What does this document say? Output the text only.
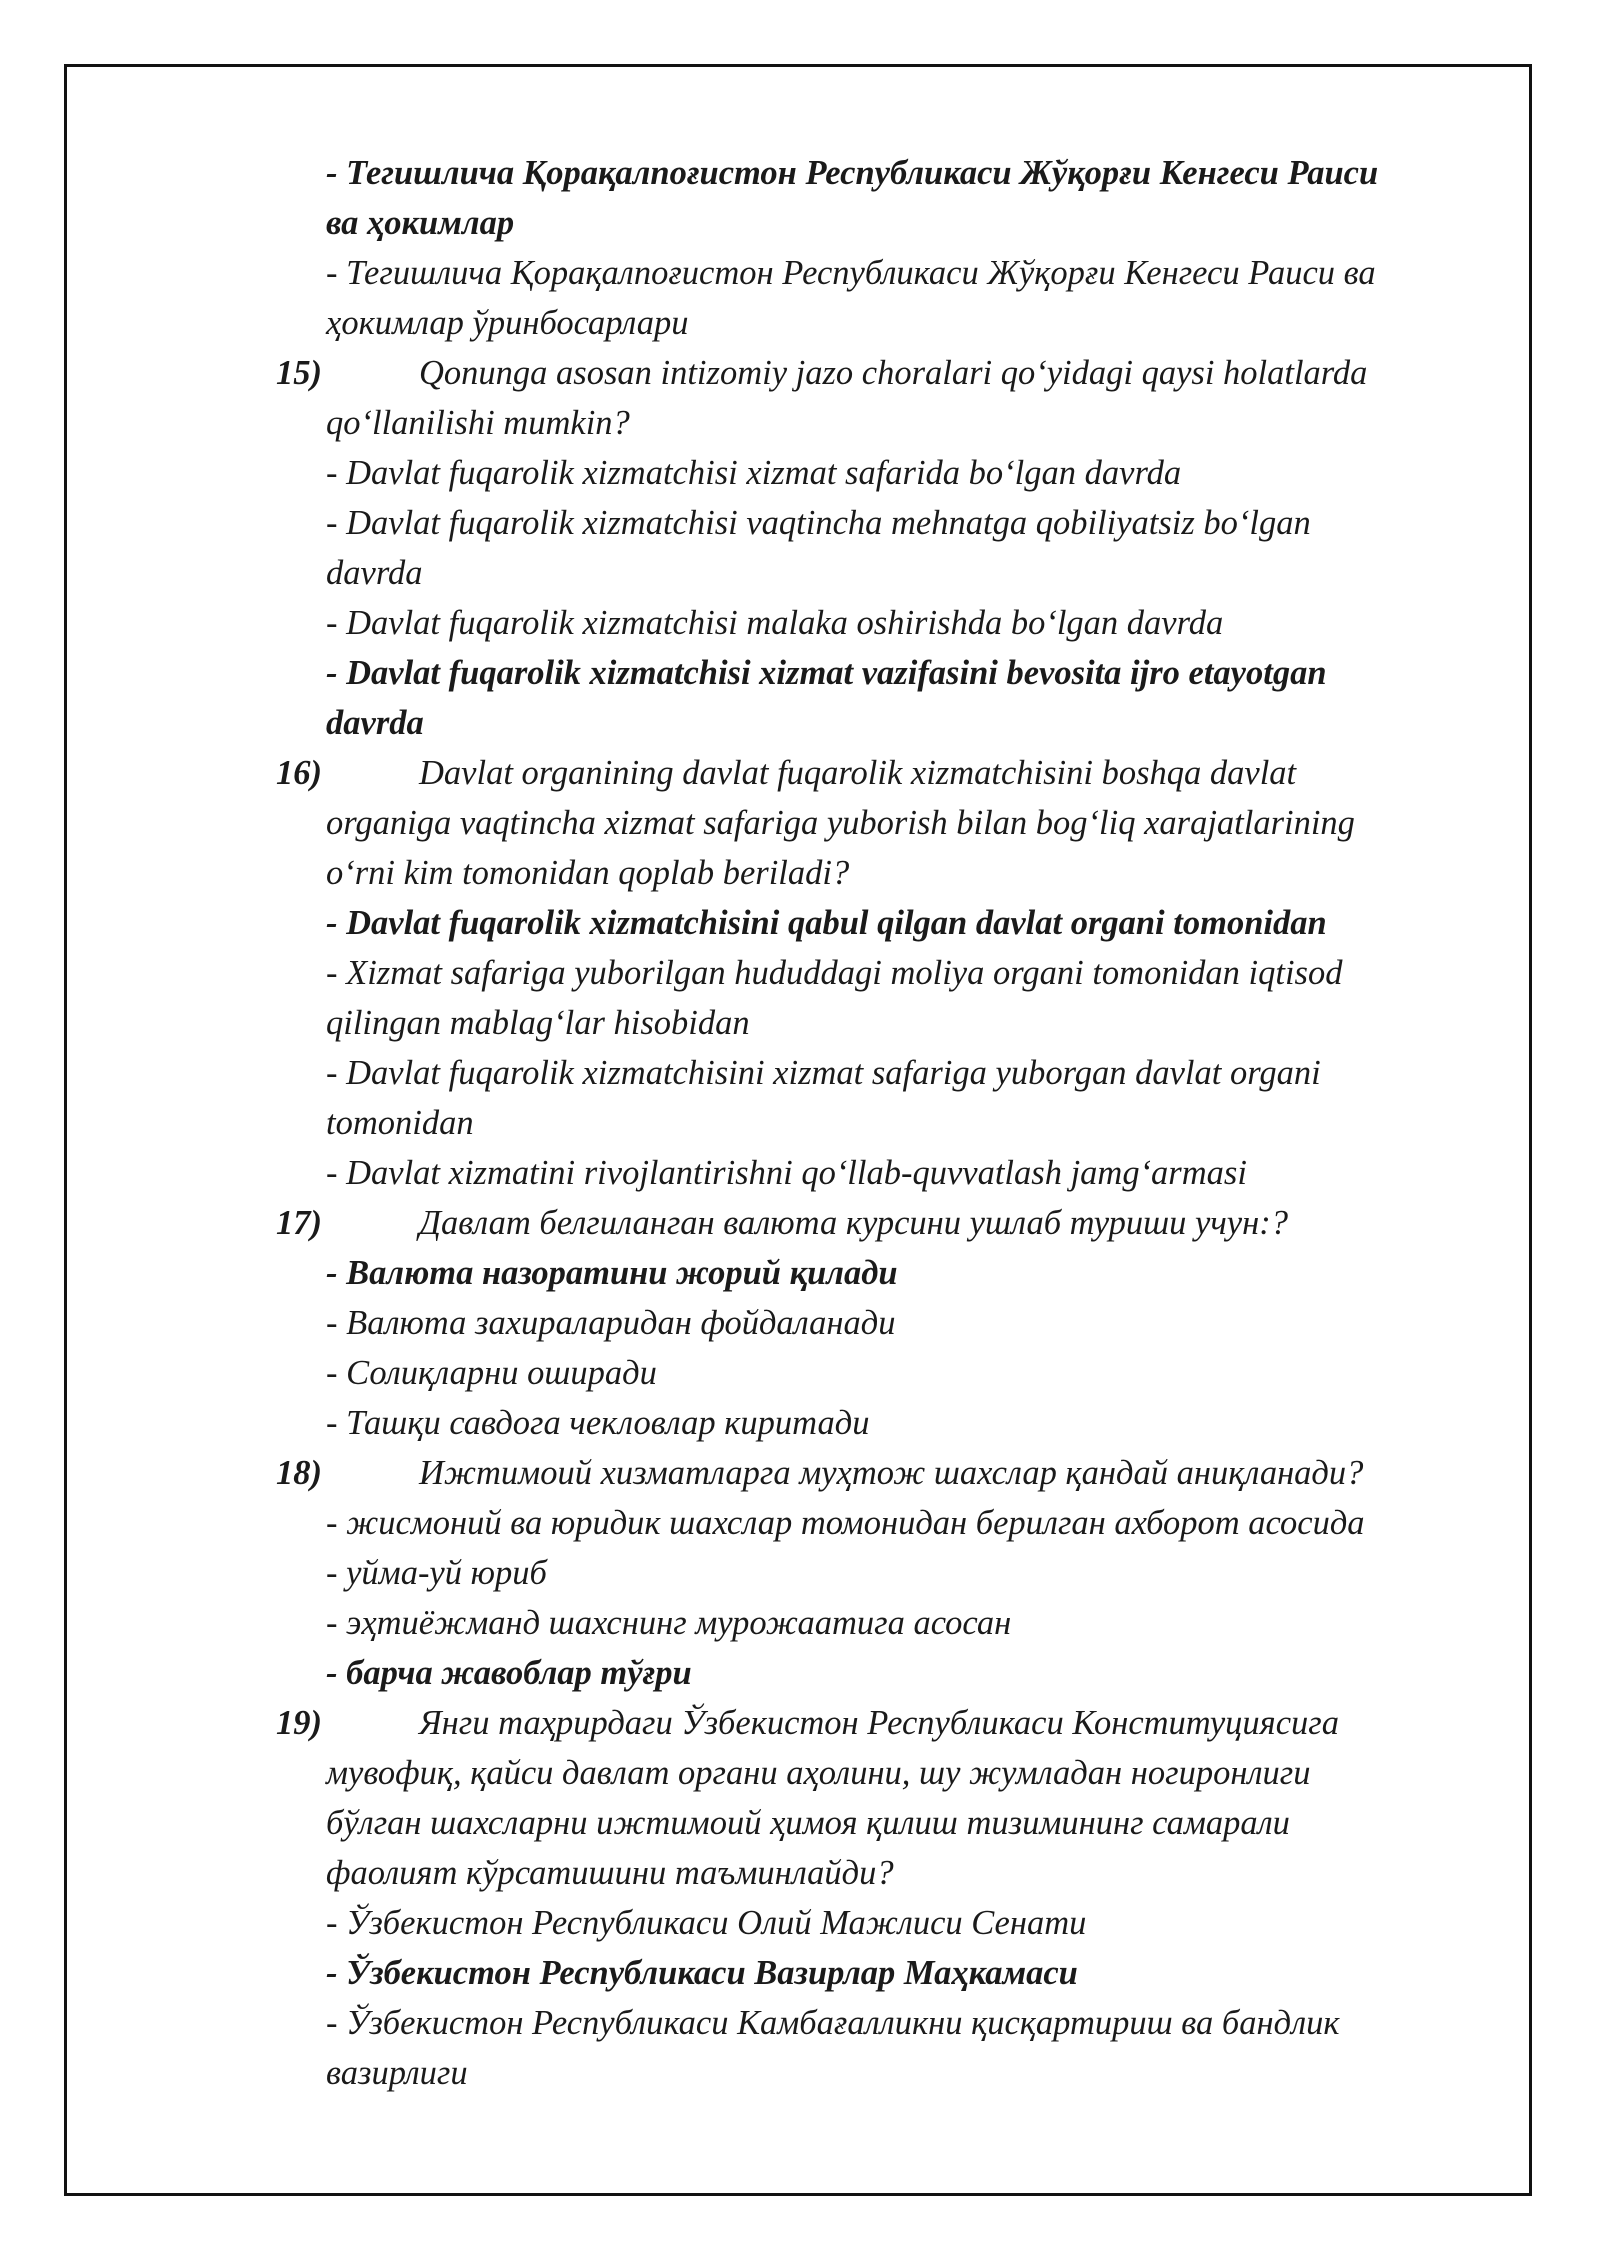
- Тегишлича Қорақалпоғистон Республикаси Жўқорғи Кенгеси Раиси
ва ҳокимлар
- Тегишлича Қорақалпоғистон Республикаси Жўқорғи Кенгеси Раиси ва
ҳокимлар ўринбосарлари
15)	Qonunga asosan intizomiy jazo choralari qo‘yidagi qaysi holatlarda
qo‘llanilishi mumkin?
- Davlat fuqarolik xizmatchisi xizmat safarida bo‘lgan davrda
- Davlat fuqarolik xizmatchisi vaqtincha mehnatga qobiliyatsiz bo‘lgan
davrda
- Davlat fuqarolik xizmatchisi malaka oshirishda bo‘lgan davrda
- Davlat fuqarolik xizmatchisi xizmat vazifasini bevosita ijro etayotgan
davrda
16)	Davlat organining davlat fuqarolik xizmatchisini boshqa davlat
organiga vaqtincha xizmat safariga yuborish bilan bog‘liq xarajatlarining
o‘rni kim tomonidan qoplab beriladi?
- Davlat fuqarolik xizmatchisini qabul qilgan davlat organi tomonidan
- Xizmat safariga yuborilgan hududdagi moliya organi tomonidan iqtisod
qilingan mablag‘lar hisobidan
- Davlat fuqarolik xizmatchisini xizmat safariga yuborgan davlat organi
tomonidan
- Davlat xizmatini rivojlantirishni qo‘llab-quvvatlash jamg‘armasi
17)	Давлат белгиланган валюта курсини ушлаб туриши учун:?
- Валюта назоратини жорий қилади
- Валюта захираларидан фойдаланади
- Солиқларни оширади
- Ташқи савдога чекловлар киритади
18)	Ижтимоий хизматларга муҳтож шахслар қандай аниқланади?
- жисмоний ва юридик шахслар томонидан берилган ахборот асосида
- уйма-уй юриб
- эҳтиёжманд шахснинг мурожаатига асосан
- барча жавоблар тўғри
19)	Янги таҳрирдаги Ўзбекистон Республикаси Конституциясига
мувофиқ, қайси давлат органи аҳолини, шу жумладан ногиронлиги
бўлган шахсларни ижтимоий ҳимоя қилиш тизимининг самарали
фаолият кўрсатишини таъминлайди?
- Ўзбекистон Республикаси Олий Мажлиси Сенати
- Ўзбекистон Республикаси Вазирлар Маҳкамаси
- Ўзбекистон Республикаси Камбағалликни қисқартириш ва бандлик
вазирлиги
